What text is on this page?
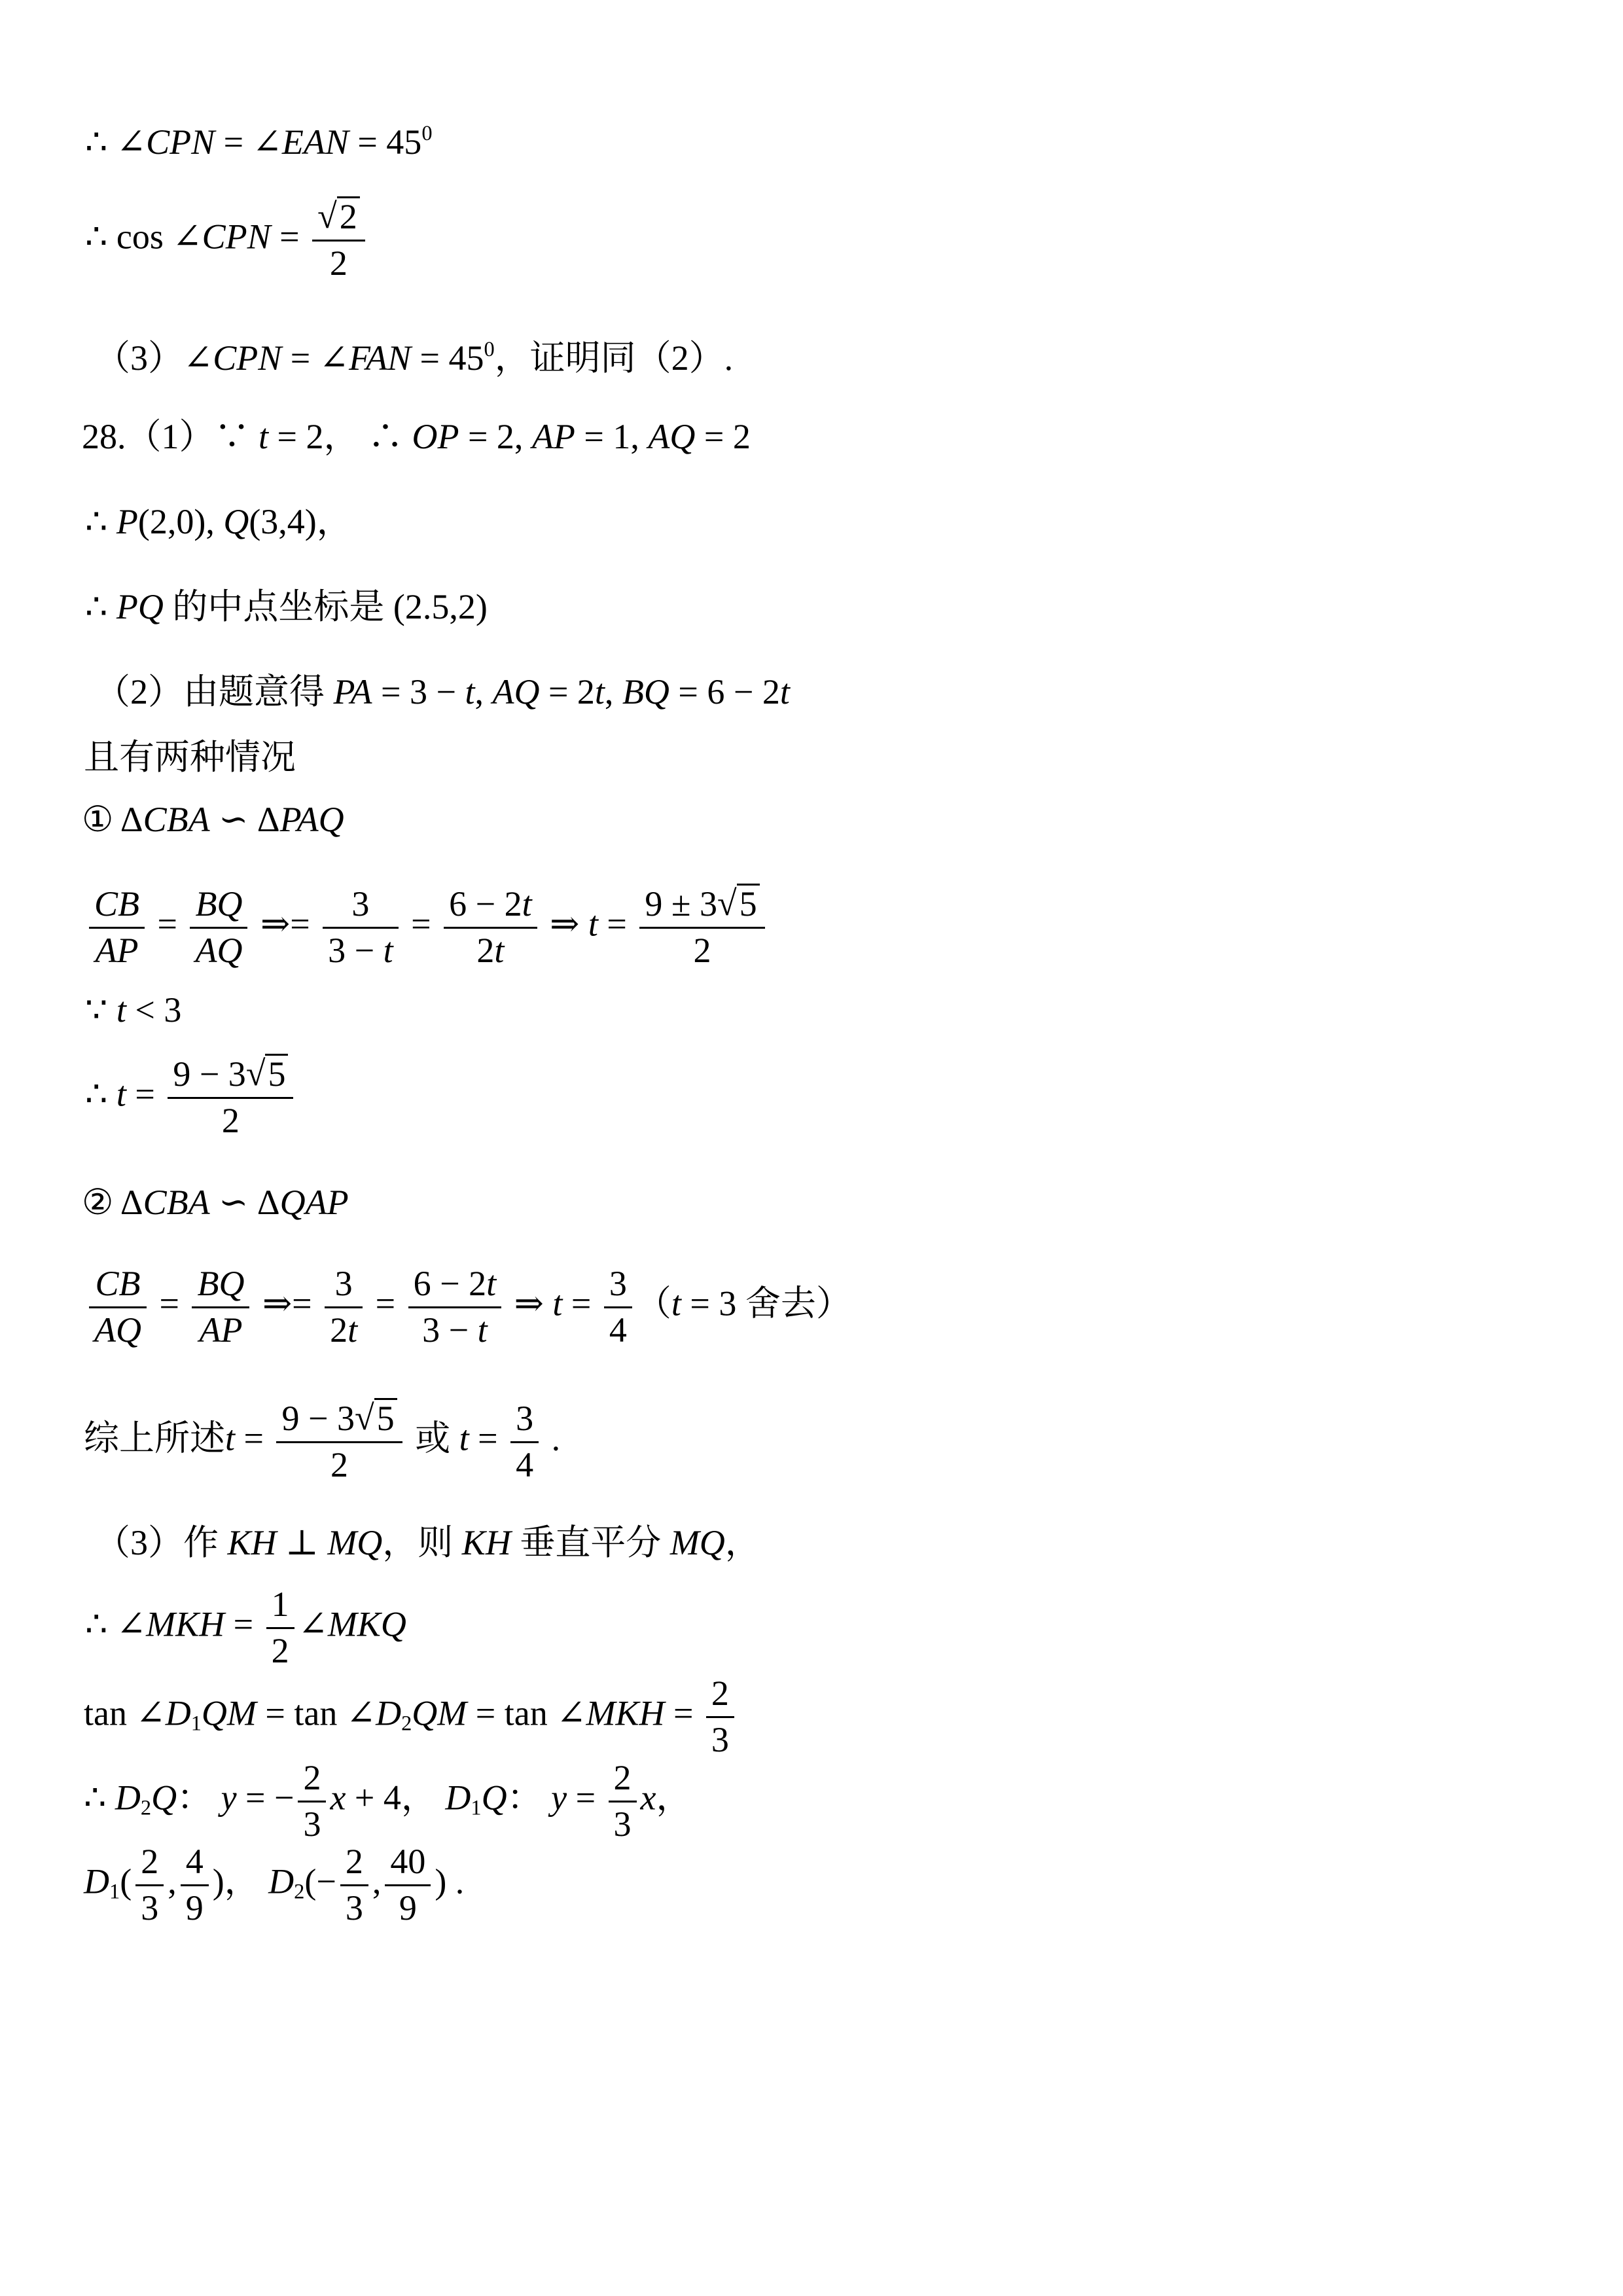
∴ ∠CPN = ∠EAN = $45^0$
∴ cos ∠CPN = $\frac{√2}{2}$
（3）∠CPN = ∠FAN = $45^0$，证明同（2）.
28.（1）∵ t = 2， ∴ OP = 2, AP = 1, AQ = 2
∴ P(2,0), Q(3,4)，
∴ PQ 的中点坐标是 (2.5,2)
（2）由题意得 PA = 3 − t, AQ = 2t, BQ = 6 − 2t
且有两种情况
① ΔCBA ∽ ΔPAQ
$\frac{CB}{AP} = \frac{BQ}{AQ}$ ⇒= $\frac{3}{3 - t} = \frac{6 - 2t}{2t}$ ⇒ $t = \frac{9 \pm 3√5}{2}$
∵ t < 3
∴ $t = \frac{9 - 3√5}{2}$
② ΔCBA ∽ ΔQAP
$\frac{CB}{AQ} = \frac{BQ}{AP}$ ⇒= $\frac{3}{2t} = \frac{6 - 2t}{3 - t}$ ⇒ $t = \frac{3}{4} (t = 3$ 舍去）
综上所述$t = \frac{9 - 3√5}{2}$ 或 $t = \frac{3}{4}$ .
（3）作 KH ⊥ MQ，则 KH 垂直平分 MQ，
∴ ∠MKH = $\frac{1}{2}$ ∠MKQ
$\tan \angle D_1QM = \tan$ $\angle D_2QM = \tan$ ∠MKH = $\frac{2}{3}$
∴ $D_2Q$： y = − $\frac{2}{3}$ x + 4， $D_1Q$： $y = \frac{2}{3}$ x，
$D_1( \frac{2}{3}$ , $\frac{4}{9}$ )， $D_2(- \frac{2}{3}$ , $\frac{40}{9}$ ) .
